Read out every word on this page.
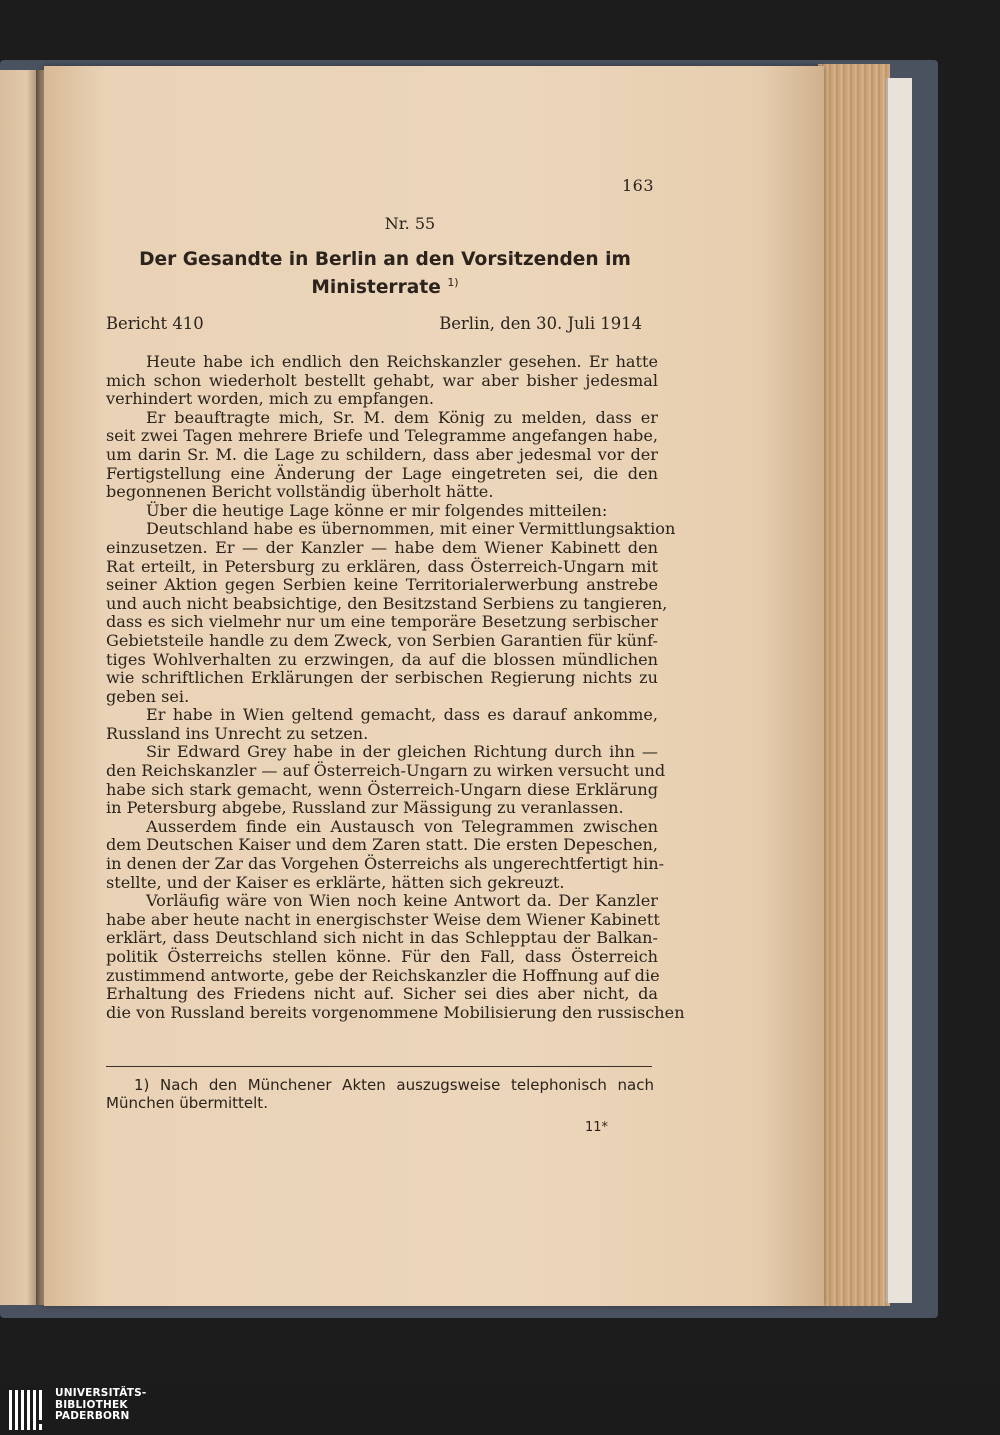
163
Nr. 55
Der Gesandte in Berlin an den Vorsitzenden im
Ministerrate $^{1)}$
Bericht 410	Berlin, den 30. Juli 1914
Heute habe ich endlich den Reichskanzler gesehen. Er hatte
mich schon wiederholt bestellt gehabt, war aber bisher jedesmal
verhindert worden, mich zu empfangen.
Er beauftragte mich, Sr. M. dem König zu melden, dass er
seit zwei Tagen mehrere Briefe und Telegramme angefangen habe,
um darin Sr. M. die Lage zu schildern, dass aber jedesmal vor der
Fertigstellung eine Änderung der Lage eingetreten sei, die den
begonnenen Bericht vollständig überholt hätte.
Über die heutige Lage könne er mir folgendes mitteilen:
Deutschland habe es übernommen, mit einer Vermittlungsaktion
einzusetzen. Er — der Kanzler — habe dem Wiener Kabinett den
Rat erteilt, in Petersburg zu erklären, dass Österreich-Ungarn mit
seiner Aktion gegen Serbien keine Territorialerwerbung anstrebe
und auch nicht beabsichtige, den Besitzstand Serbiens zu tangieren,
dass es sich vielmehr nur um eine temporäre Besetzung serbischer
Gebietsteile handle zu dem Zweck, von Serbien Garantien für künf-
tiges Wohlverhalten zu erzwingen, da auf die blossen mündlichen
wie schriftlichen Erklärungen der serbischen Regierung nichts zu
geben sei.
Er habe in Wien geltend gemacht, dass es darauf ankomme,
Russland ins Unrecht zu setzen.
Sir Edward Grey habe in der gleichen Richtung durch ihn —
den Reichskanzler — auf Österreich-Ungarn zu wirken versucht und
habe sich stark gemacht, wenn Österreich-Ungarn diese Erklärung
in Petersburg abgebe, Russland zur Mässigung zu veranlassen.
Ausserdem finde ein Austausch von Telegrammen zwischen
dem Deutschen Kaiser und dem Zaren statt. Die ersten Depeschen,
in denen der Zar das Vorgehen Österreichs als ungerechtfertigt hin-
stellte, und der Kaiser es erklärte, hätten sich gekreuzt.
Vorläufig wäre von Wien noch keine Antwort da. Der Kanzler
habe aber heute nacht in energischster Weise dem Wiener Kabinett
erklärt, dass Deutschland sich nicht in das Schlepptau der Balkan-
politik Österreichs stellen könne. Für den Fall, dass Österreich
zustimmend antworte, gebe der Reichskanzler die Hoffnung auf die
Erhaltung des Friedens nicht auf. Sicher sei dies aber nicht, da
die von Russland bereits vorgenommene Mobilisierung den russischen
1) Nach den Münchener Akten auszugsweise telephonisch nach
München übermittelt.
11*
UNIVERSITÄTS-
BIBLIOTHEK
PADERBORN
